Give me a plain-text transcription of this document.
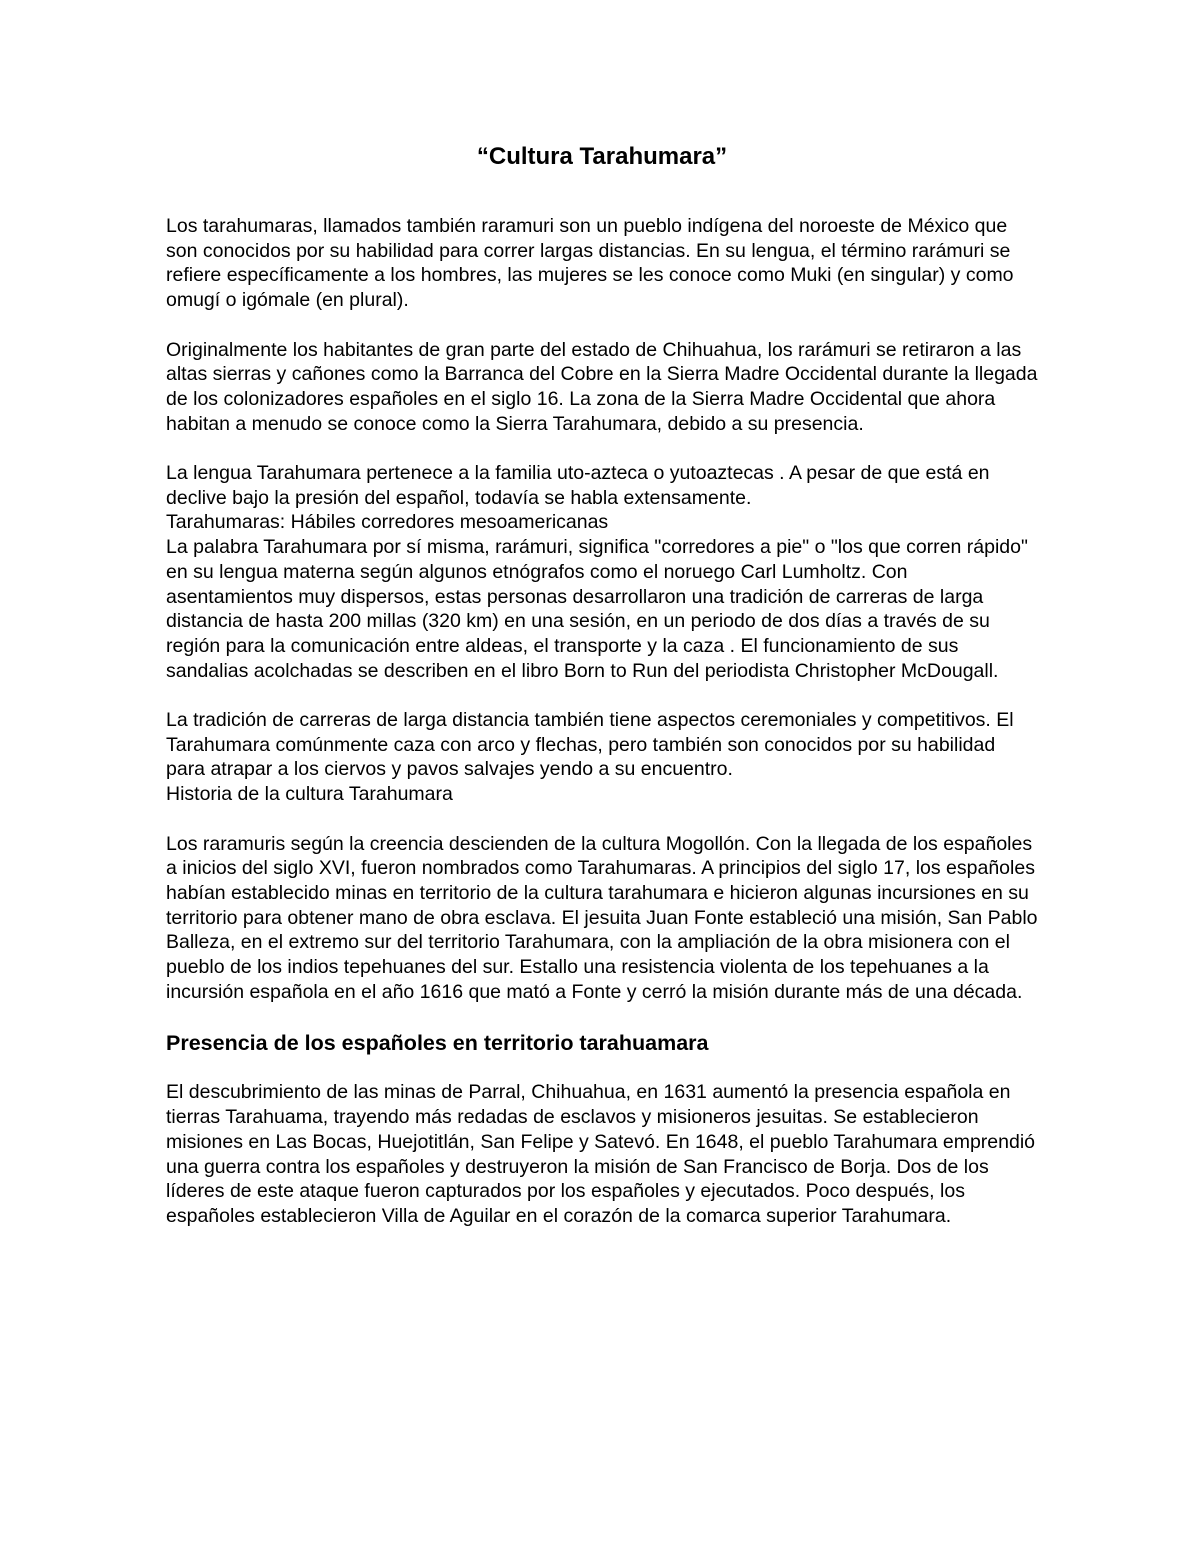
“Cultura Tarahumara”

Los tarahumaras, llamados también raramuri son un pueblo indígena del noroeste de México que son conocidos por su habilidad para correr largas distancias. En su lengua, el término rarámuri se refiere específicamente a los hombres, las mujeres se les conoce como Muki (en singular) y como omugí o igómale (en plural).

Originalmente los habitantes de gran parte del estado de Chihuahua, los rarámuri se retiraron a las altas sierras y cañones como la Barranca del Cobre en la Sierra Madre Occidental durante la llegada de los colonizadores españoles en el siglo 16. La zona de la Sierra Madre Occidental que ahora habitan a menudo se conoce como la Sierra Tarahumara, debido a su presencia.

La lengua Tarahumara pertenece a la familia uto-azteca o yutoaztecas . A pesar de que está en declive bajo la presión del español, todavía se habla extensamente.

Tarahumaras: Hábiles corredores mesoamericanas

La palabra Tarahumara por sí misma, rarámuri, significa "corredores a pie" o "los que corren rápido" en su lengua materna según algunos etnógrafos como el noruego Carl Lumholtz. Con asentamientos muy dispersos, estas personas desarrollaron una tradición de carreras de larga distancia de hasta 200 millas (320 km) en una sesión, en un periodo de dos días a través de su región para la comunicación entre aldeas, el transporte y la caza . El funcionamiento de sus sandalias acolchadas se describen en el libro Born to Run del periodista Christopher McDougall.

La tradición de carreras de larga distancia también tiene aspectos ceremoniales y competitivos. El Tarahumara comúnmente caza con arco y flechas, pero también son conocidos por su habilidad para atrapar a los ciervos y pavos salvajes yendo a su encuentro.

Historia de la cultura Tarahumara

Los raramuris según la creencia descienden de la cultura Mogollón. Con la llegada de los españoles a inicios del siglo XVI, fueron nombrados como Tarahumaras. A principios del siglo 17, los españoles habían establecido minas en territorio de la cultura tarahumara e hicieron algunas incursiones en su territorio para obtener mano de obra esclava. El jesuita Juan Fonte estableció una misión, San Pablo Balleza, en el extremo sur del territorio Tarahumara, con la ampliación de la obra misionera con el pueblo de los indios tepehuanes del sur. Estallo una resistencia violenta de los tepehuanes a la incursión española en el año 1616 que mató a Fonte y cerró la misión durante más de una década.

Presencia de los españoles en territorio tarahuamara

El descubrimiento de las minas de Parral, Chihuahua, en 1631 aumentó la presencia española en tierras Tarahuama, trayendo más redadas de esclavos y misioneros jesuitas. Se establecieron misiones en Las Bocas, Huejotitlán, San Felipe y Satevó. En 1648, el pueblo Tarahumara emprendió una guerra contra los españoles y destruyeron la misión de San Francisco de Borja. Dos de los líderes de este ataque fueron capturados por los españoles y ejecutados. Poco después, los españoles establecieron Villa de Aguilar en el corazón de la comarca superior Tarahumara.
